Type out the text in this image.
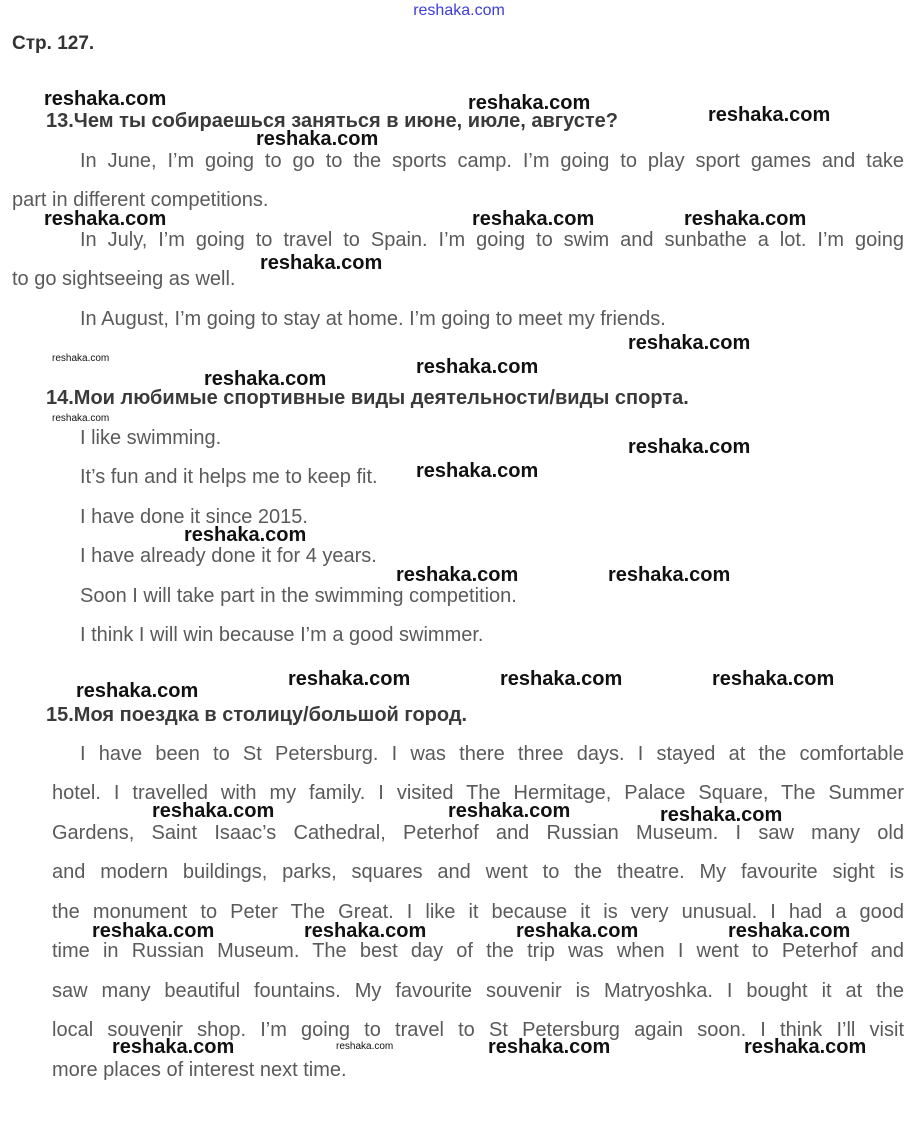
reshaka.com
Стр. 127.
13.Чем ты собираешься заняться в июне, июле, августе?
In June, I’m going to go to the sports camp. I’m going to play sport games and take
part in different competitions.
In July, I’m going to travel to Spain. I’m going to swim and sunbathe a lot. I’m going
to go sightseeing as well.
In August, I’m going to stay at home. I’m going to meet my friends.
14.Мои любимые спортивные виды деятельности/виды спорта.
I like swimming.
It’s fun and it helps me to keep fit.
I have done it since 2015.
I have already done it for 4 years.
Soon I will take part in the swimming competition.
I think I will win because I’m a good swimmer.
15.Моя поездка в столицу/большой город.
I have been to St Petersburg. I was there three days. I stayed at the comfortable
hotel. I travelled with my family. I visited The Hermitage, Palace Square, The Summer
Gardens, Saint Isaac’s Cathedral, Peterhof and Russian Museum. I saw many old
and modern buildings, parks, squares and went to the theatre. My favourite sight is
the monument to Peter The Great. I like it because it is very unusual. I had a good
time in Russian Museum. The best day of the trip was when I went to Peterhof and
saw many beautiful fountains. My favourite souvenir is Matryoshka. I bought it at the
local souvenir shop. I’m going to travel to St Petersburg again soon. I think I’ll visit
more places of interest next time.
reshaka.com	reshaka.com
reshaka.com
reshaka.com
reshaka.com	reshaka.com	reshaka.com
reshaka.com
reshaka.com
reshaka.com	reshaka.com
reshaka.com
reshaka.com
reshaka.com
reshaka.com
reshaka.com
reshaka.com	reshaka.com
reshaka.com	reshaka.com	reshaka.com
reshaka.com
reshaka.com	reshaka.com	reshaka.com
reshaka.com	reshaka.com	reshaka.com	reshaka.com
reshaka.com	reshaka.com	reshaka.com	reshaka.com
